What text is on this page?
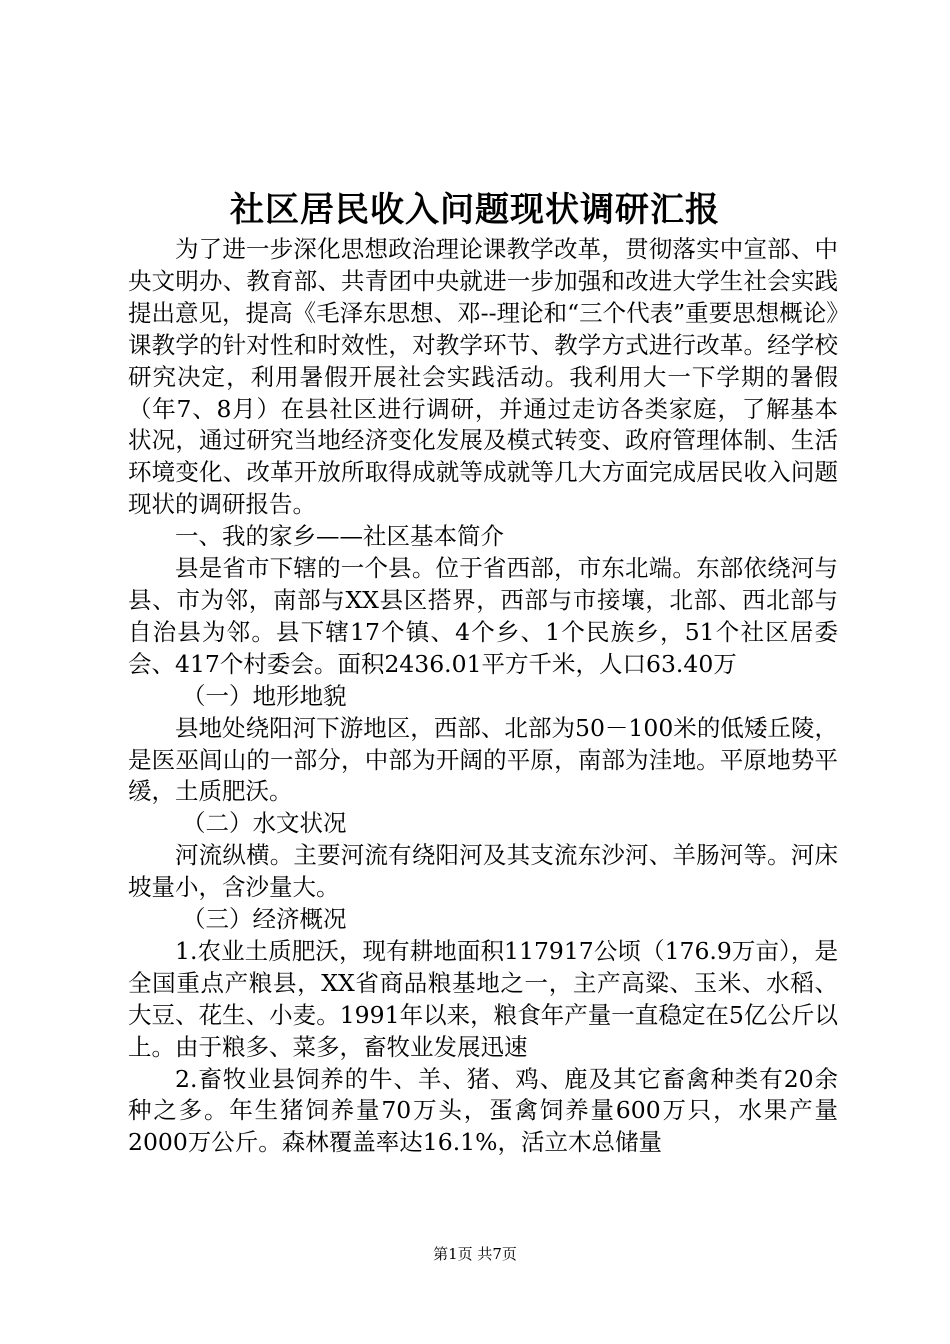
社区居民收入问题现状调研汇报

为了进一步深化思想政治理论课教学改革，贯彻落实中宣部、中央文明办、教育部、共青团中央就进一步加强和改进大学生社会实践提出意见，提高《毛泽东思想、邓--理论和“三个代表”重要思想概论》课教学的针对性和时效性，对教学环节、教学方式进行改革。经学校研究决定，利用暑假开展社会实践活动。我利用大一下学期的暑假（年7、8月）在县社区进行调研，并通过走访各类家庭，了解基本状况，通过研究当地经济变化发展及模式转变、政府管理体制、生活环境变化、改革开放所取得成就等成就等几大方面完成居民收入问题现状的调研报告。

一、我的家乡——社区基本简介

县是省市下辖的一个县。位于省西部，市东北端。东部依绕河与县、市为邻，南部与XX县区搭界，西部与市接壤，北部、西北部与自治县为邻。县下辖17个镇、4个乡、1个民族乡，51个社区居委会、417个村委会。面积2436.01平方千米，人口63.40万

（一）地形地貌

县地处绕阳河下游地区，西部、北部为50－100米的低矮丘陵，是医巫闾山的一部分，中部为开阔的平原，南部为洼地。平原地势平缓，土质肥沃。

（二）水文状况

河流纵横。主要河流有绕阳河及其支流东沙河、羊肠河等。河床坡量小，含沙量大。

（三）经济概况

1.农业土质肥沃，现有耕地面积117917公顷（176.9万亩），是全国重点产粮县，XX省商品粮基地之一，主产高粱、玉米、水稻、大豆、花生、小麦。1991年以来，粮食年产量一直稳定在5亿公斤以上。由于粮多、菜多，畜牧业发展迅速

2.畜牧业县饲养的牛、羊、猪、鸡、鹿及其它畜禽种类有20余种之多。年生猪饲养量70万头，蛋禽饲养量600万只，水果产量2000万公斤。森林覆盖率达16.1%，活立木总储量

第1页 共7页
